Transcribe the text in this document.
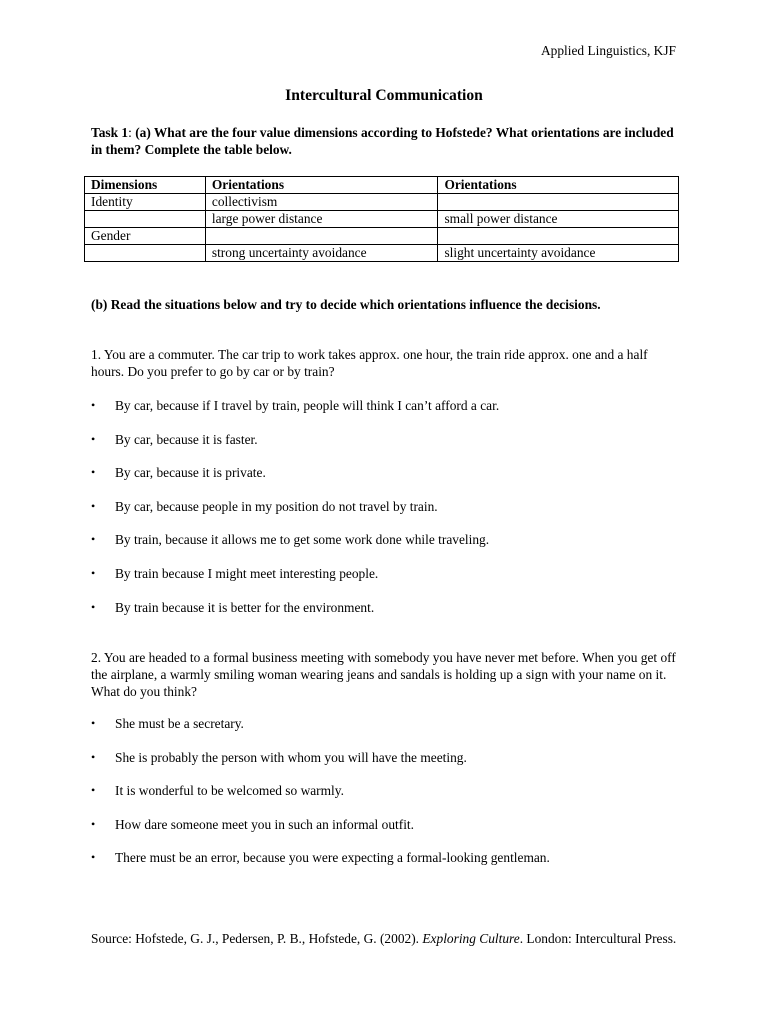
Applied Linguistics, KJF
Intercultural Communication
Task 1: (a) What are the four value dimensions according to Hofstede? What orientations are included in them? Complete the table below.
Dimensions	Orientations	Orientations
Identity	collectivism	
	large power distance	small power distance
Gender		
	strong uncertainty avoidance	slight uncertainty avoidance
(b) Read the situations below and try to decide which orientations influence the decisions.
1. You are a commuter. The car trip to work takes approx. one hour, the train ride approx. one and a half hours. Do you prefer to go by car or by train?
• By car, because if I travel by train, people will think I can’t afford a car.
• By car, because it is faster.
• By car, because it is private.
• By car, because people in my position do not travel by train.
• By train, because it allows me to get some work done while traveling.
• By train because I might meet interesting people.
• By train because it is better for the environment.
2. You are headed to a formal business meeting with somebody you have never met before. When you get off the airplane, a warmly smiling woman wearing jeans and sandals is holding up a sign with your name on it. What do you think?
• She must be a secretary.
• She is probably the person with whom you will have the meeting.
• It is wonderful to be welcomed so warmly.
• How dare someone meet you in such an informal outfit.
• There must be an error, because you were expecting a formal-looking gentleman.
Source: Hofstede, G. J., Pedersen, P. B., Hofstede, G. (2002). Exploring Culture. London: Intercultural Press.
